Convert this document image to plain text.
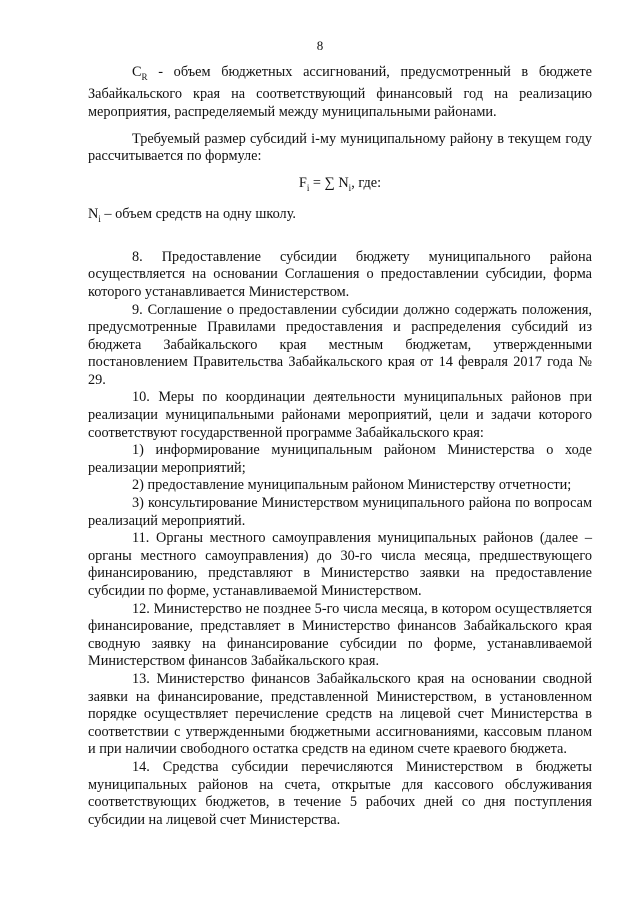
8

$C_R$ - объем бюджетных ассигнований, предусмотренный в бюджете Забайкальского края на соответствующий финансовый год на реализацию мероприятия, распределяемый между муниципальными районами.

Требуемый размер субсидий i-му муниципальному району в текущем году рассчитывается по формуле:

$F_i$ = ∑ $N_i$, где:

$N_i$ – объем средств на одну школу.

8. Предоставление субсидии бюджету муниципального района осуществляется на основании Соглашения о предоставлении субсидии, форма которого устанавливается Министерством.

9. Соглашение о предоставлении субсидии должно содержать положения, предусмотренные Правилами предоставления и распределения субсидий из бюджета Забайкальского края местным бюджетам, утвержденными постановлением Правительства Забайкальского края от 14 февраля 2017 года № 29.

10. Меры по координации деятельности муниципальных районов при реализации муниципальными районами мероприятий, цели и задачи которого соответствуют государственной программе Забайкальского края:

1) информирование муниципальным районом Министерства о ходе реализации мероприятий;

2) предоставление муниципальным районом Министерству отчетности;

3) консультирование Министерством муниципального района по вопросам реализаций мероприятий.

11. Органы местного самоуправления муниципальных районов (далее – органы местного самоуправления) до 30-го числа месяца, предшествующего финансированию, представляют в Министерство заявки на предоставление субсидии по форме, устанавливаемой Министерством.

12. Министерство не позднее 5-го числа месяца, в котором осуществляется финансирование, представляет в Министерство финансов Забайкальского края сводную заявку на финансирование субсидии по форме, устанавливаемой Министерством финансов Забайкальского края.

13. Министерство финансов Забайкальского края на основании сводной заявки на финансирование, представленной Министерством, в установленном порядке осуществляет перечисление средств на лицевой счет Министерства в соответствии с утвержденными бюджетными ассигнованиями, кассовым планом и при наличии свободного остатка средств на едином счете краевого бюджета.

14. Средства субсидии перечисляются Министерством в бюджеты муниципальных районов на счета, открытые для кассового обслуживания соответствующих бюджетов, в течение 5 рабочих дней со дня поступления субсидии на лицевой счет Министерства.
